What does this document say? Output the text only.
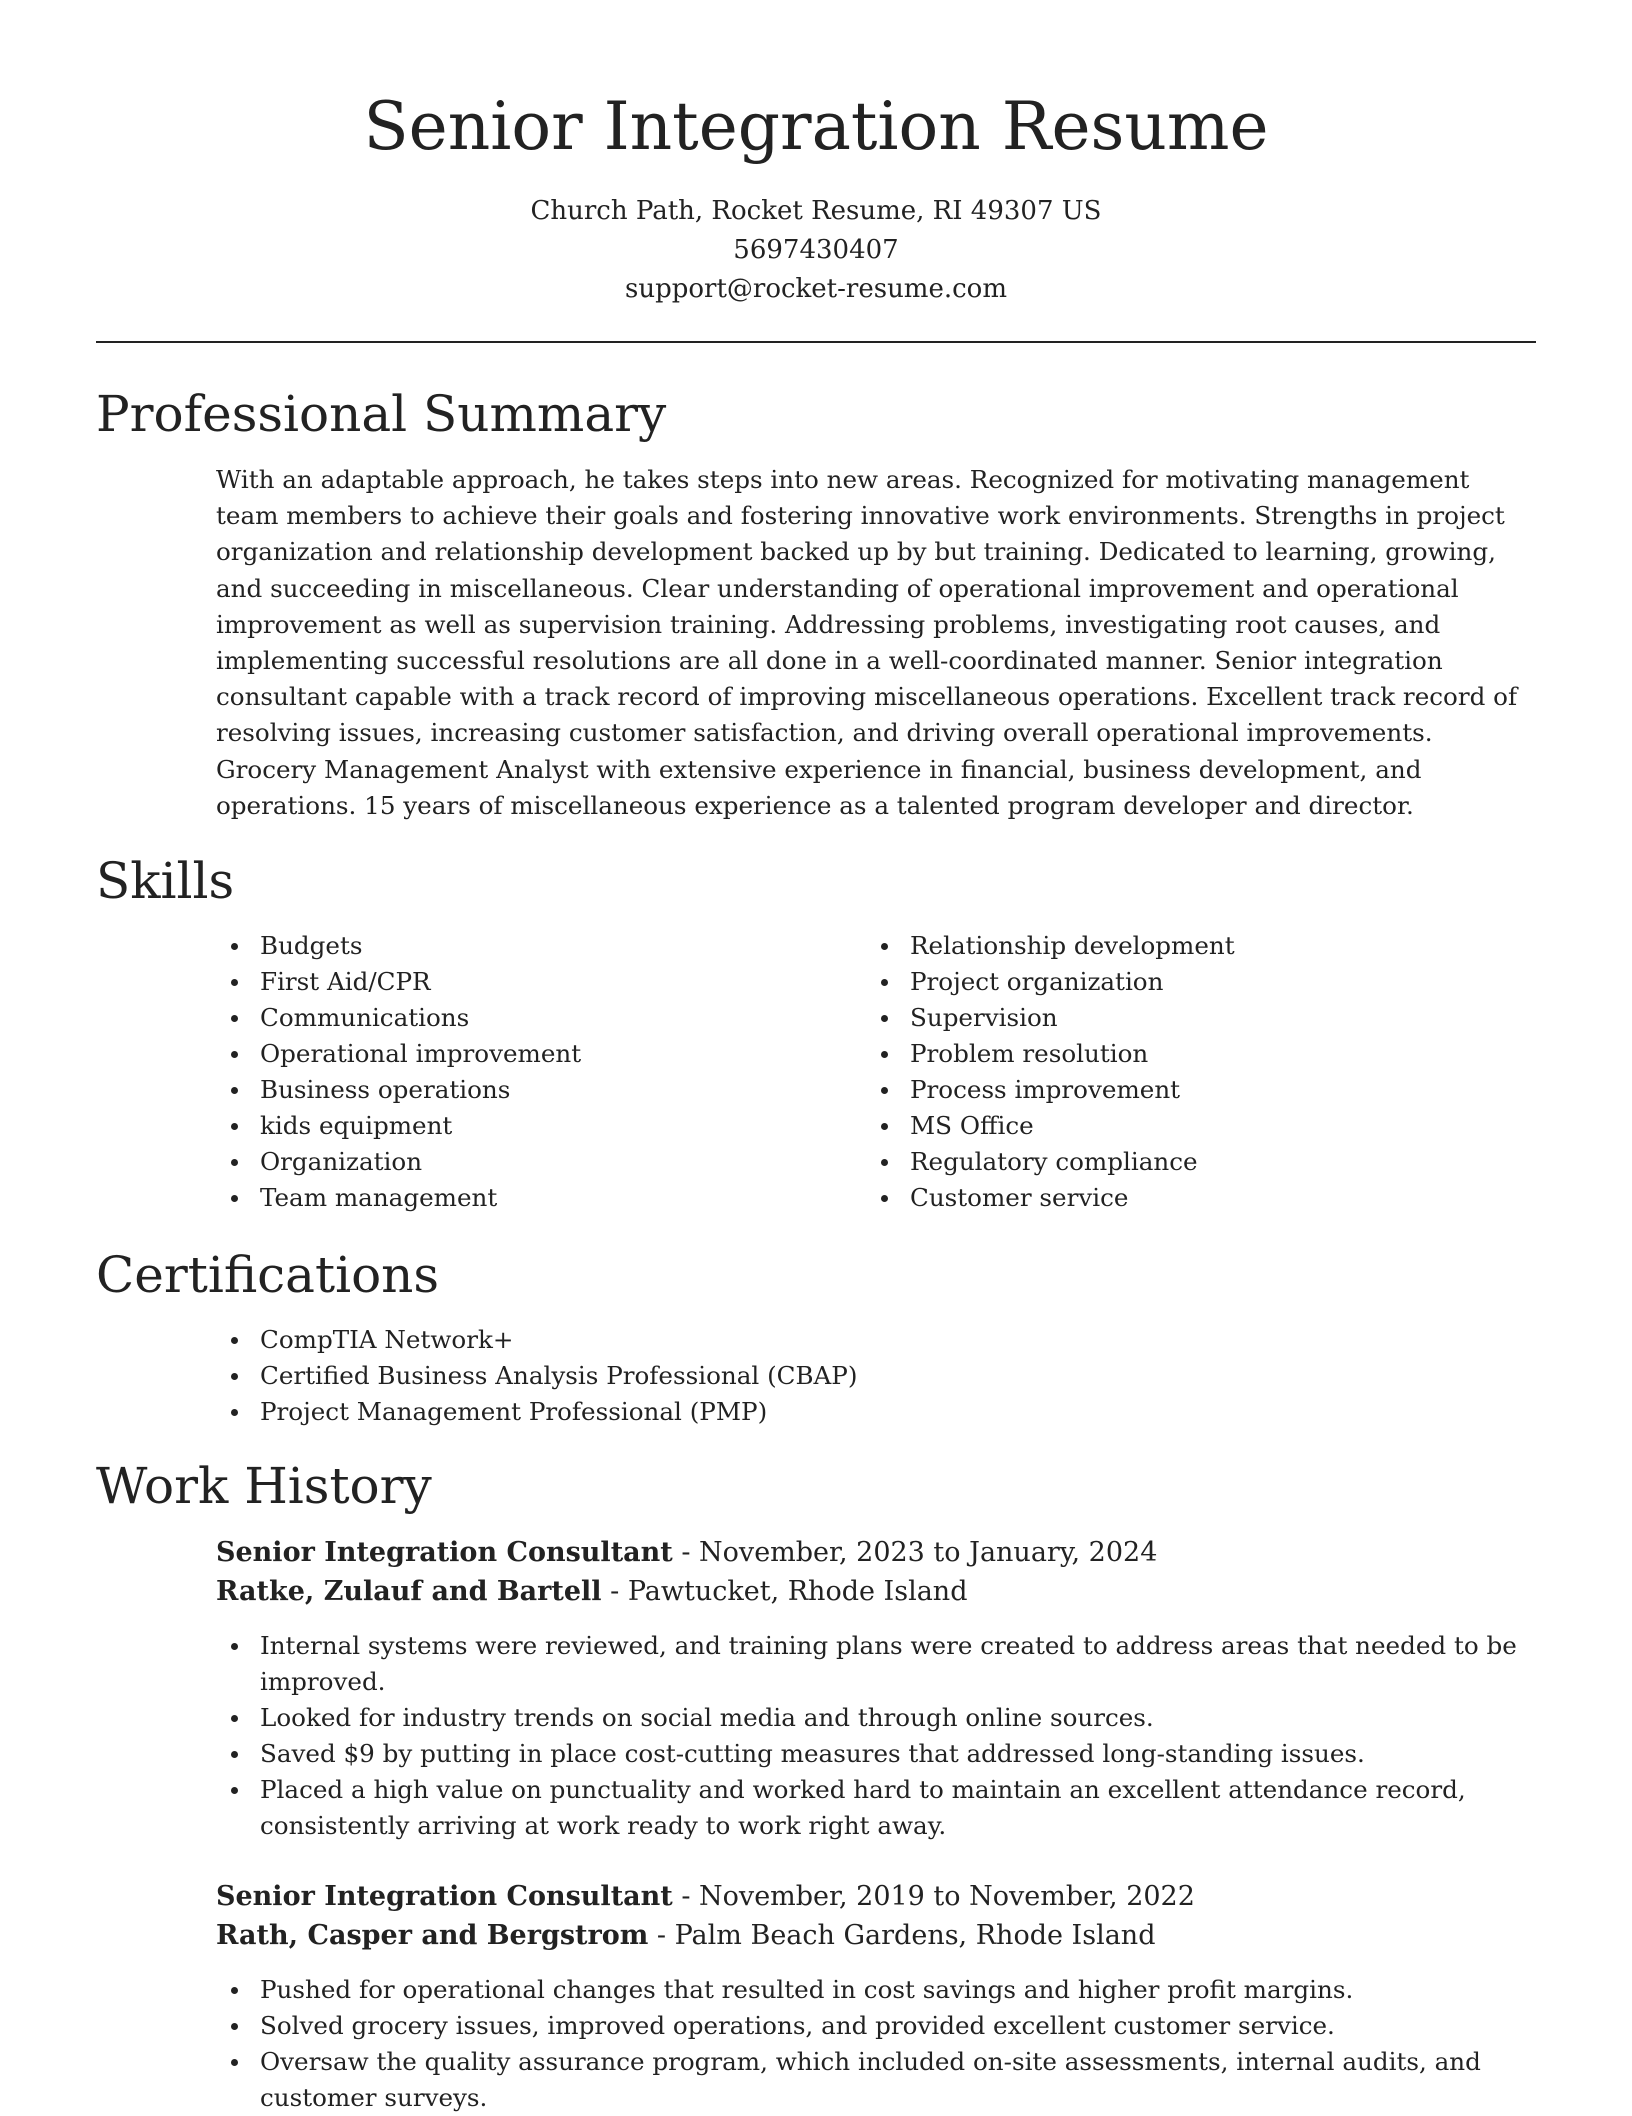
Senior Integration Resume
Church Path, Rocket Resume, RI 49307 US
5697430407
support@rocket-resume.com
Professional Summary

With an adaptable approach, he takes steps into new areas. Recognized for motivating management team members to achieve their goals and fostering innovative work environments. Strengths in project organization and relationship development backed up by but training. Dedicated to learning, growing, and succeeding in miscellaneous. Clear understanding of operational improvement and operational improvement as well as supervision training. Addressing problems, investigating root causes, and implementing successful resolutions are all done in a well-coordinated manner. Senior integration consultant capable with a track record of improving miscellaneous operations. Excellent track record of resolving issues, increasing customer satisfaction, and driving overall operational improvements. Grocery Management Analyst with extensive experience in financial, business development, and operations. 15 years of miscellaneous experience as a talented program developer and director.

Skills
Budgets
First Aid/CPR
Communications
Operational improvement
Business operations
kids equipment
Organization
Team management
Relationship development
Project organization
Supervision
Problem resolution
Process improvement
MS Office
Regulatory compliance
Customer service
Certifications
CompTIA Network+
Certified Business Analysis Professional (CBAP)
Project Management Professional (PMP)
Work History
Senior Integration Consultant - November, 2023 to January, 2024
Ratke, Zulauf and Bartell - Pawtucket, Rhode Island
Internal systems were reviewed, and training plans were created to address areas that needed to be improved.
Looked for industry trends on social media and through online sources.
Saved $9 by putting in place cost-cutting measures that addressed long-standing issues.
Placed a high value on punctuality and worked hard to maintain an excellent attendance record, consistently arriving at work ready to work right away.
Senior Integration Consultant - November, 2019 to November, 2022
Rath, Casper and Bergstrom - Palm Beach Gardens, Rhode Island
Pushed for operational changes that resulted in cost savings and higher profit margins.
Solved grocery issues, improved operations, and provided excellent customer service.
Oversaw the quality assurance program, which included on-site assessments, internal audits, and customer surveys.
